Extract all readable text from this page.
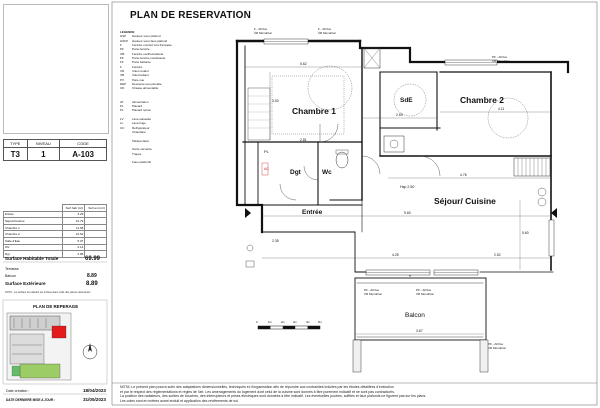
TYPE	NIVEAU	CODE
T3	1	A-103
	Surf.hab (m²)	Surf.ext (m²)
Entrée	3.29	
Séjour/Cuisine	31.79	
Chambre 1	11.68	
Chambre 2	10.62	
Salle d'Eau	5.07	
Wc	2.14	
Dgt	2.86	
Surface Habitable Totale	69.99
Terrasse
Balcon	8.89
Surface Extérieure	8.89
NOTA : La surface du placard est incluse dans celle des pièces attenantes
PLAN DE REPERAGE
Date création :	18/04/2023
DATE DERNIERE MISE A JOUR :	31/05/2023
PLAN DE RESERVATION
LEGENDE
HSP Hauteur sous plafond
HSFP Hauteur sous faux-plafond
F	Fenêtre ouvrant à la française
PF	Porte-fenêtre
OB	Fenêtre oscillo-battante
PF	Porte-fenêtre coulissante
FF	Porte battante
F	Fenêtre
VR	Volet roulant
VB	Volet battant
PV	Pare-vue
DEP Descente eau pluviale
CD	Chasse alimentable
AT	Alimentation
PL	Placard
PL	Placard option
LV	Lave-vaisselle
LL	Lave-linge
CU	Refrigérateur
Chaudière
Tableau Elec
Socle servante
Trappe
Faux-plafonds
Chambre 1
SdE	Chambre 2
Dgt	Wc
Entrée
Séjour/ Cuisine
Balcon
PL
AC
F - All fixe
VR Monobloc
F - All fixe
VR Monobloc
PF - All fixe
VR Monobloc
PF - All fixe
VR Monobloc
PF - All fixe
VR Monobloc
PF - All fixe
VR Monobloc
Hsp 2.50
5.62
2.81
2.69
4.11
4.76
9.60
4.25	2.52
3.67
5.60
3.00
2.35
0	1m	2m	3m	4m	5m
NOTA: Le présent plan pourra subir des adaptations dimensionnelles, techniques et d'organisation afin de répondre aux contraintes induites par les études détaillées d'exécution
et par le respect des réglementations et règles de l'art. Les aménagements du logement dont celui de la cuisine sont donnés à titre purement indicatif et ne sont pas contractuels.
La position des radiateurs, des sorties de bouches, des interrupteurs et prises électriques sont données à titre indicatif. Les éventuelles poutres, soffites et faux plafonds ne figurent pas sur les plans.
Les cotes sont en mètres avant enduit et application des revêtements de sol.
